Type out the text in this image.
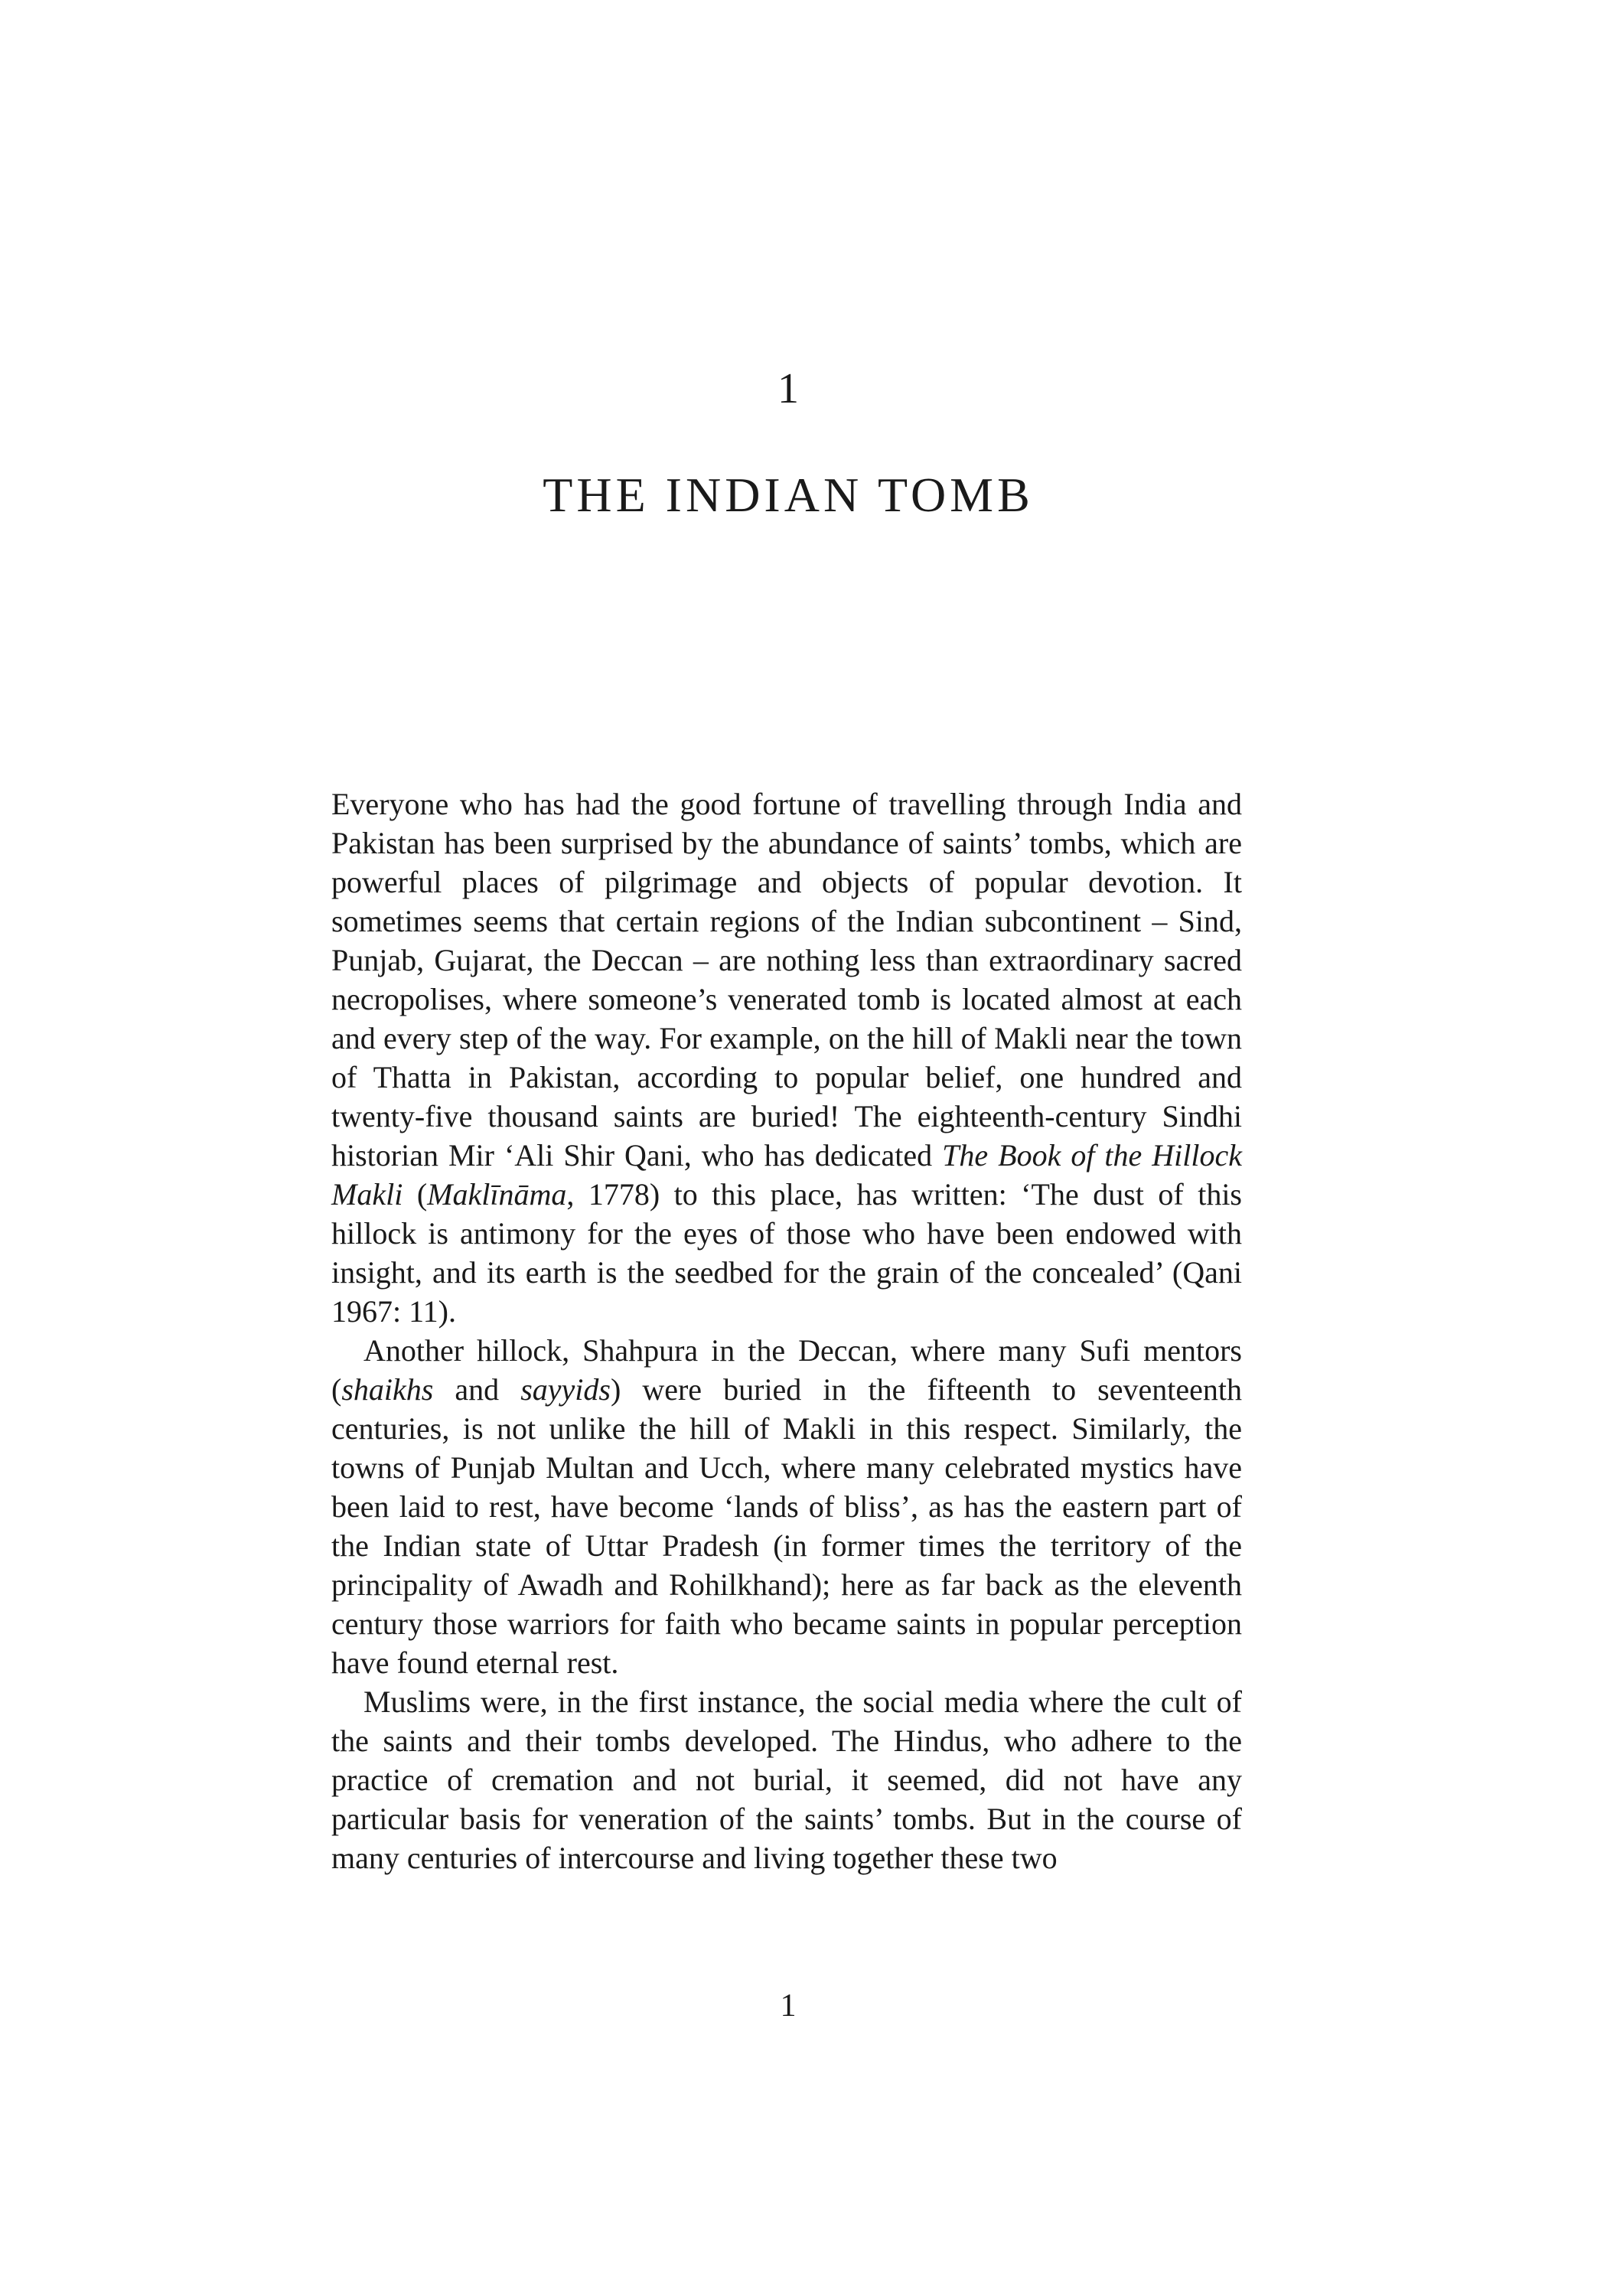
1
THE INDIAN TOMB

Everyone who has had the good fortune of travelling through India and Pakistan has been surprised by the abundance of saints’ tombs, which are powerful places of pilgrimage and objects of popular devotion. It sometimes seems that certain regions of the Indian subcontinent – Sind, Punjab, Gujarat, the Deccan – are nothing less than extraordinary sacred necropolises, where someone’s venerated tomb is located almost at each and every step of the way. For example, on the hill of Makli near the town of Thatta in Pakistan, according to popular belief, one hundred and twenty-five thousand saints are buried! The eighteenth-century Sindhi historian Mir ‘Ali Shir Qani, who has dedicated The Book of the Hillock Makli (Maklīnāma, 1778) to this place, has written: ‘The dust of this hillock is antimony for the eyes of those who have been endowed with insight, and its earth is the seedbed for the grain of the concealed’ (Qani 1967: 11).

Another hillock, Shahpura in the Deccan, where many Sufi mentors (shaikhs and sayyids) were buried in the fifteenth to seventeenth centuries, is not unlike the hill of Makli in this respect. Similarly, the towns of Punjab Multan and Ucch, where many celebrated mystics have been laid to rest, have become ‘lands of bliss’, as has the eastern part of the Indian state of Uttar Pradesh (in former times the territory of the principality of Awadh and Rohilkhand); here as far back as the eleventh century those warriors for faith who became saints in popular perception have found eternal rest.

Muslims were, in the first instance, the social media where the cult of the saints and their tombs developed. The Hindus, who adhere to the practice of cremation and not burial, it seemed, did not have any particular basis for veneration of the saints’ tombs. But in the course of many centuries of intercourse and living together these two

1
